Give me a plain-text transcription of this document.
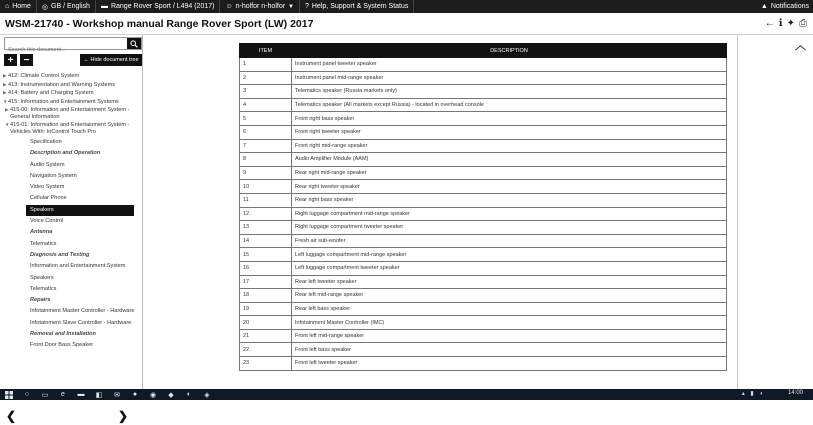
⌂ Home ◎ GB / English ▬ Range Rover Sport / L494 (2017) ☺ n-holfor n-holfor ▼ ? Help, Support & System Status	▲ Notifications
WSM-21740 - Workshop manual Range Rover Sport (LW) 2017	← ℹ ✦ ⎙
Search this document...
+	−	← Hide document tree
▶ 412: Climate Control System
▶ 413: Instrumentation and Warning Systems
▶ 414: Battery and Charging System
▼ 415: Information and Entertainment Systems
▶ 415-00: Information and Entertainment System - General Information
▼ 415-01: Information and Entertainment System - Vehicles With: InControl Touch Pro
Specification
Description and Operation
Audio System
Navigation System
Video System
Cellular Phone
Speakers
Voice Control
Antenna
Telematics
Diagnosis and Testing
Information and Entertainment System
Speakers
Telematics
Repairs
Infotainment Master Controller - Hardware
Infotainment Slave Controller - Hardware
Removal and Installation
Front Door Bass Speaker
❮	❯
ITEM	DESCRIPTION
1	Instrument panel tweeter speaker
2	Instrument panel mid-range speaker
3	Telematics speaker (Russia markets only)
4	Telematics speaker (All markets except Russia) - located in overhead console
5	Front right bass speaker
6	Front right tweeter speaker
7	Front right mid-range speaker
8	Audio Amplifier Module (AAM)
9	Rear right mid-range speaker
10	Rear right tweeter speaker
11	Rear right bass speaker
12	Right luggage compartment mid-range speaker
13	Right luggage compartment tweeter speaker
14	Fresh air sub-woofer
15	Left luggage compartment mid-range speaker
16	Left luggage compartment tweeter speaker
17	Rear left tweeter speaker
18	Rear left mid-range speaker
19	Rear left bass speaker
20	Infotainment Master Controller (IMC)
21	Front left mid-range speaker
22	Front left bass speaker
23	Front left tweeter speaker
︿
○	▭	e	▬	◧	✉	●	◉	◆	◐	◈	▴ ▮ ◖	14:00
